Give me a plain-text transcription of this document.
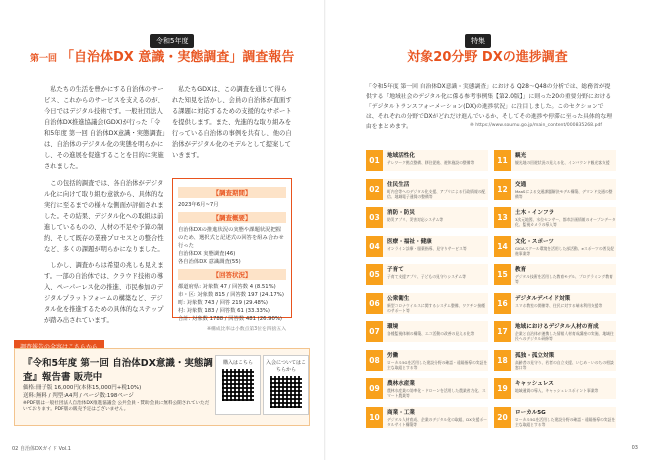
令和5年度
第一回 「自治体DX 意識・実態調査」調査報告

私たちの生活を豊かにする自治体のサービス、これからのサービスを支えるのが、今日ではデジタル技術です。一般社団法人自治体DX推進協議会(GDX)が行った「令和5年度 第一回 自治体DX意識・実態調査」は、自治体のデジタル化の実態を明らかにし、その進展を促進することを目的に実施されました。

この包括的調査では、各自治体がデジタル化に向けて取り組む意欲から、具体的な実行に至るまでの様々な側面が評価されました。その結果、デジタル化への取組は前進しているものの、人材の不足や予算の制約、そして既存の業務プロセスとの整合性など、多くの課題が明らかになりました。

しかし、調査からは希望の兆しも見えます。一部の自治体では、クラウド技術の導入、ペーパーレス化の推進、市民参加のデジタルプラットフォームの構築など、デジタル化を推進するための具体的なステップが踏み出されています。

私たちGDXは、この調査を通じて得られた知見を活かし、会員の自治体が直面する課題に対応するための支援的なサポートを提供します。また、先進的な取り組みを行っている自治体の事例を共有し、他の自治体がデジタル化のモデルとして提案していきます。

【調査期間】
2023年6月~7月
【調査概要】
自治体DXの推進状況の実態や課題状況把握のため、選択式と記述式の回答を組み合わせ行った
自治体DX 実態調査(46)
各自治体DX 意識調査(55)
【回答状況】
都道府県: 対象数 47 / 回答数 4 (8.51%)
市・区: 対象数 815 / 回答数 197 (24.17%)
町: 対象数 743 / 回答 219 (29.48%)
村: 対象数 183 / 回答数 61 (33.33%)
合計: 対象数 1788 / 回答数 481 (26.90%)
※構成比率は小数点第3位を四捨五入
『令和5年度 第一回 自治体DX意識・実態調査』報告書 販売中
価格:冊子版 16,000円(本体15,000円+税10%)
送料:無料 / 判型:A4判 / ページ数:198ページ
※PDF版は一般社団法人自治体DX推進協議会 公共会員・賛助会員に無料公開されていただいております。PDF版の販売予定はございません。
購入はこちら	入会についてはこちらから
02 自治体DXガイド Vol.1
特集
対象20分野 DXの進捗調査
「令和5年度 第一回 自治体DX意識・実態調査」における Q28〜Q48の分析では、総務省が提供する「地域社会のデジタル化に係る参考事例集【第2.0版】」に則った20の重要分野における「デジタルトランスフォーメーション(DX)の進捗状況」に注目しました。このセクションでは、それぞれの分野でDXがどれだけ進んでいるか、そしてその進捗や停滞に至った具体的な理由をまとめます。	※ https://www.soumu.go.jp/main_content/000835268.pdf
01	地域活性化
テレワーク拠点整備、移住促進、遊休施設の整備等
02	住民生活
町内会等へのデジタル化支援、アプリによる行政情報の配信、地域電子通貨の整備等
03	消防・防災
防災アプリ、災害対応システム等
04	医療・福祉・健康
オンライン診療・服薬指導、見守りサービス等
05	子育て
子育て支援アプリ、子どもの見守りシステム等
06	公衆衛生
新型コロナウイルスに関するシステム整備、ワクチン接種のサポート等
07	環境
各種監視体制の構築、エコ活動の改善の見える化等
08	労働
ローカル5Gを活用した建設分野の確認・遠隔指導の実証を主な取組とする等
09	農林水産業
農林水産業の効率化・ドローンを活用した農業省力化、スマート農業等
10	商業・工業
デジタル人材育成、企業のデジタル化の取組、DX支援ポータルサイト構築等
11	観光
観光地の回遊状況の見える化、インバウンド観光客支援
12	交通
MaaSによる交通課題解決モデル構築、デマンド交通の整備等
13	土木・インフラ
3次元地図、水位センサー、都市計画情報のオープンデータ化、監視カメラの導入等
14	文化・スポーツ
GIGAスクール環境を活用した部活動、eスポーツの普及促進事業等
15	教育
デジタル技術を活用した教育モデル、プログラミング教育等
16	デジタルデバイド対策
スマホ教室の開催等、住民に対する端末利用支援等
17	地域におけるデジタル人材の育成
企業と自治体が連携した情報人材育成講座の実施、地域住民へのデジタル研修等
18	孤独・孤立対策
高齢者の見守り、若者の自立支援、いじめ・いのちの相談窓口等
19	キャッシュレス
地域通貨の導入、キャッシュレスポイント事業等
20	ローカル5G
ローカル5Gを活用した建設分野の確認・遠隔指導の実証を主な取組とする等
03
